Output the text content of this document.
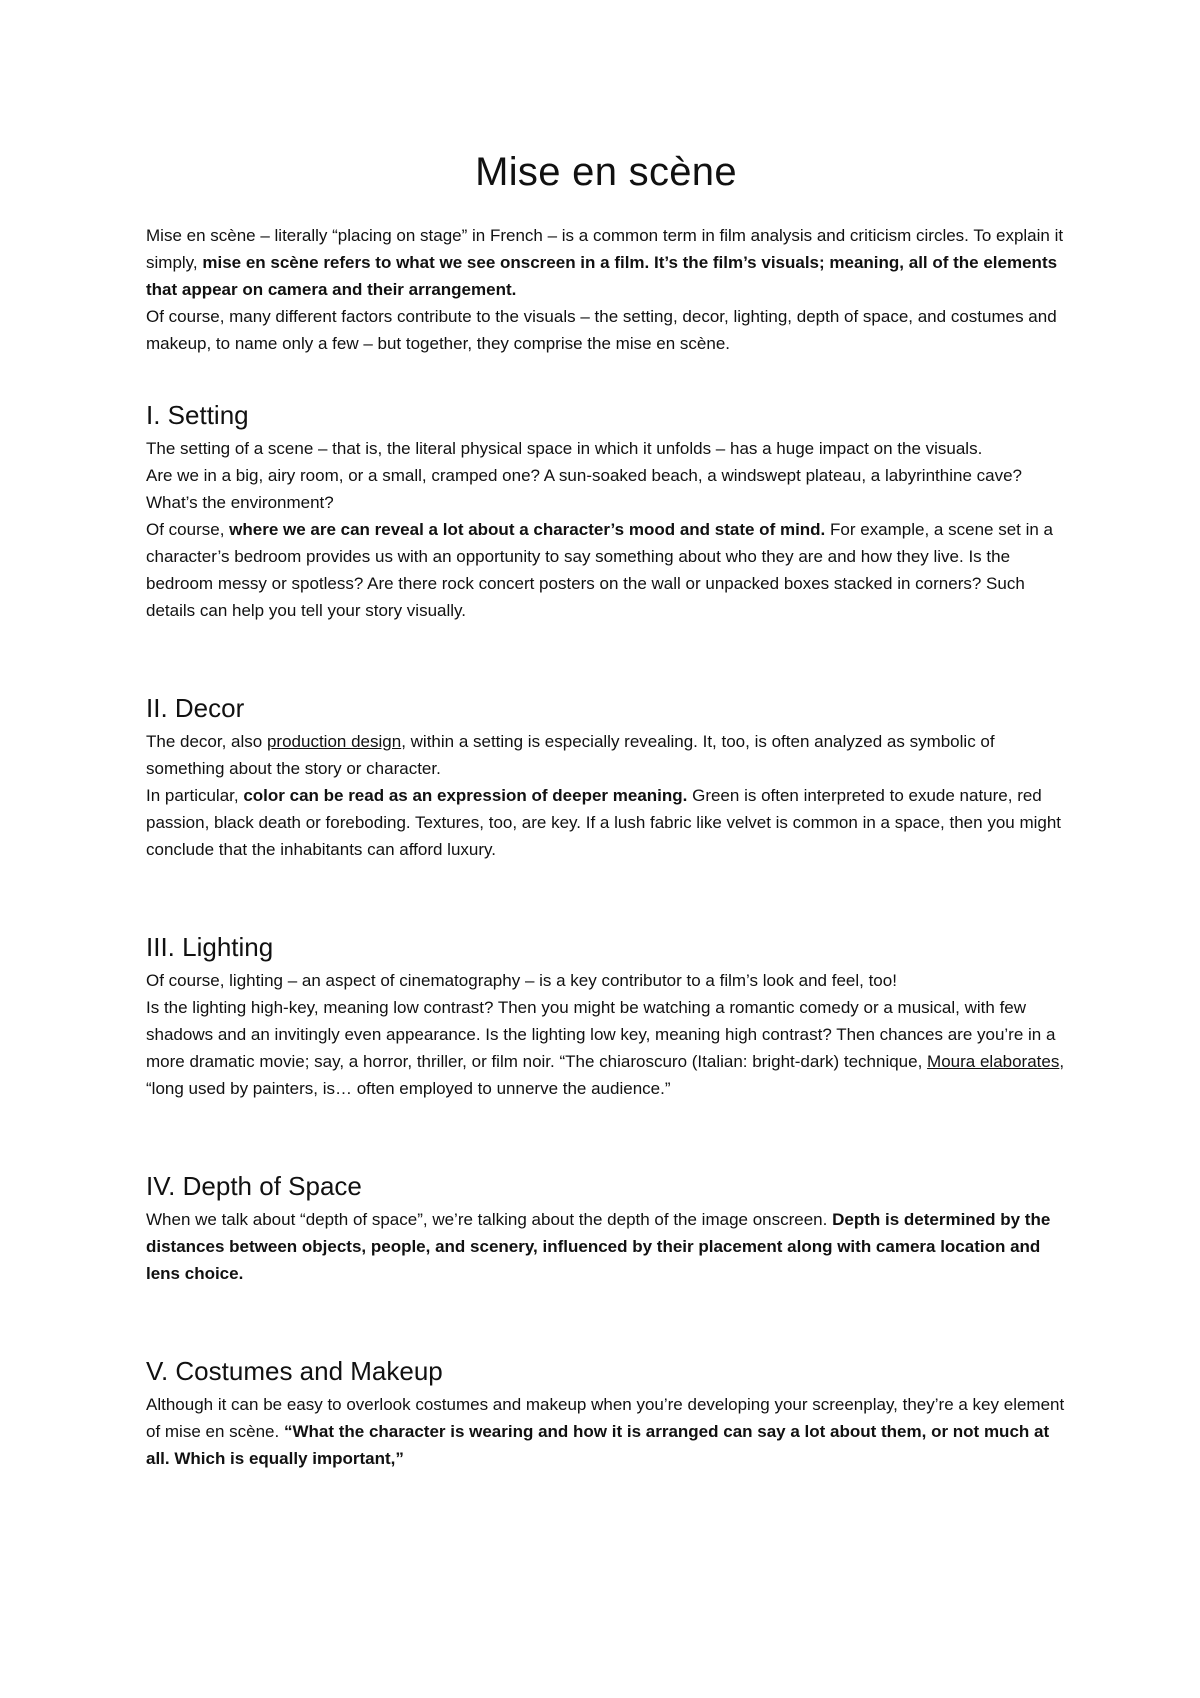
Mise en scène

Mise en scène – literally “placing on stage” in French – is a common term in film analysis and criticism circles. To explain it simply, mise en scène refers to what we see onscreen in a film. It’s the film’s visuals; meaning, all of the elements that appear on camera and their arrangement.

Of course, many different factors contribute to the visuals – the setting, decor, lighting, depth of space, and costumes and makeup, to name only a few – but together, they comprise the mise en scène.

I. Setting

The setting of a scene – that is, the literal physical space in which it unfolds – has a huge impact on the visuals.

Are we in a big, airy room, or a small, cramped one? A sun-soaked beach, a windswept plateau, a labyrinthine cave? What’s the environment?

Of course, where we are can reveal a lot about a character’s mood and state of mind. For example, a scene set in a character’s bedroom provides us with an opportunity to say something about who they are and how they live. Is the bedroom messy or spotless? Are there rock concert posters on the wall or unpacked boxes stacked in corners? Such details can help you tell your story visually.

II. Decor

The decor, also production design, within a setting is especially revealing. It, too, is often analyzed as symbolic of something about the story or character.

In particular, color can be read as an expression of deeper meaning. Green is often interpreted to exude nature, red passion, black death or foreboding. Textures, too, are key. If a lush fabric like velvet is common in a space, then you might conclude that the inhabitants can afford luxury.

III. Lighting

Of course, lighting – an aspect of cinematography – is a key contributor to a film’s look and feel, too!

Is the lighting high-key, meaning low contrast? Then you might be watching a romantic comedy or a musical, with few shadows and an invitingly even appearance. Is the lighting low key, meaning high contrast? Then chances are you’re in a more dramatic movie; say, a horror, thriller, or film noir. “The chiaroscuro (Italian: bright-dark) technique, Moura elaborates, “long used by painters, is… often employed to unnerve the audience.”

IV. Depth of Space

When we talk about “depth of space”, we’re talking about the depth of the image onscreen. Depth is determined by the distances between objects, people, and scenery, influenced by their placement along with camera location and lens choice.

V. Costumes and Makeup

Although it can be easy to overlook costumes and makeup when you’re developing your screenplay, they’re a key element of mise en scène. “What the character is wearing and how it is arranged can say a lot about them, or not much at all. Which is equally important,”
